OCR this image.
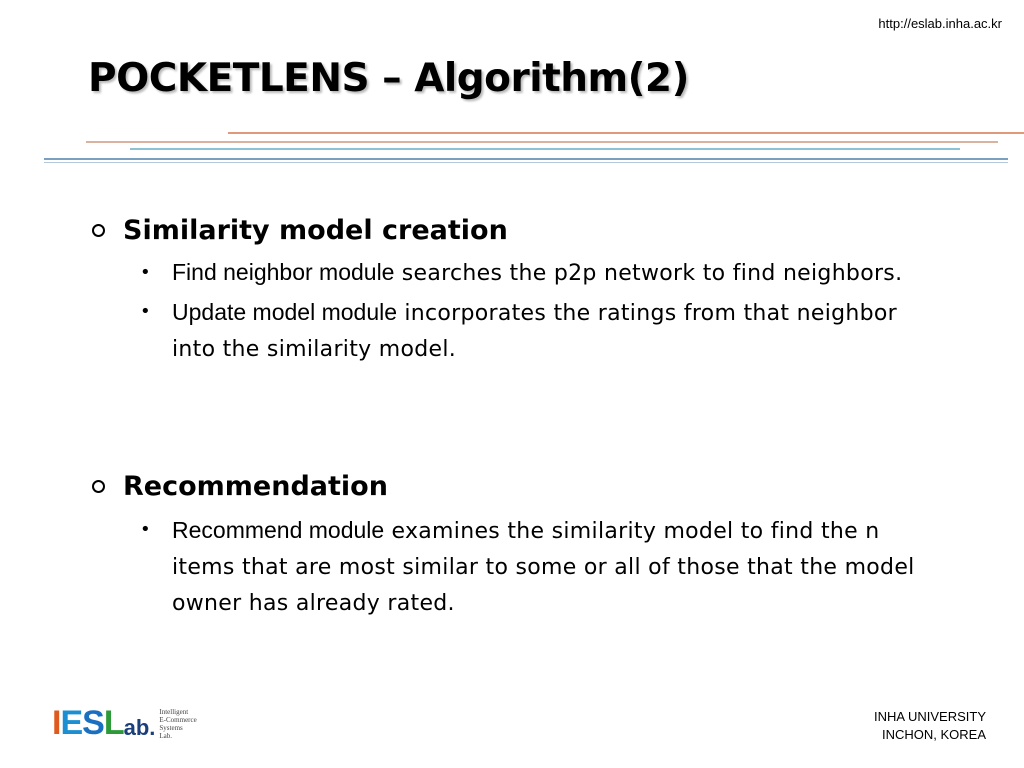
http://eslab.inha.ac.kr
POCKETLENS – Algorithm(2)
Similarity model creation
• Find neighbor module searches the p2p network to find neighbors.
• Update model module incorporates the ratings from that neighbor into the similarity model.
Recommendation
• Recommend module examines the similarity model to find the n items that are most similar to some or all of those that the model owner has already rated.
IESL ab.
Intelligent
E-Commerce
Systems
Lab.
INHA UNIVERSITY
INCHON, KOREA
